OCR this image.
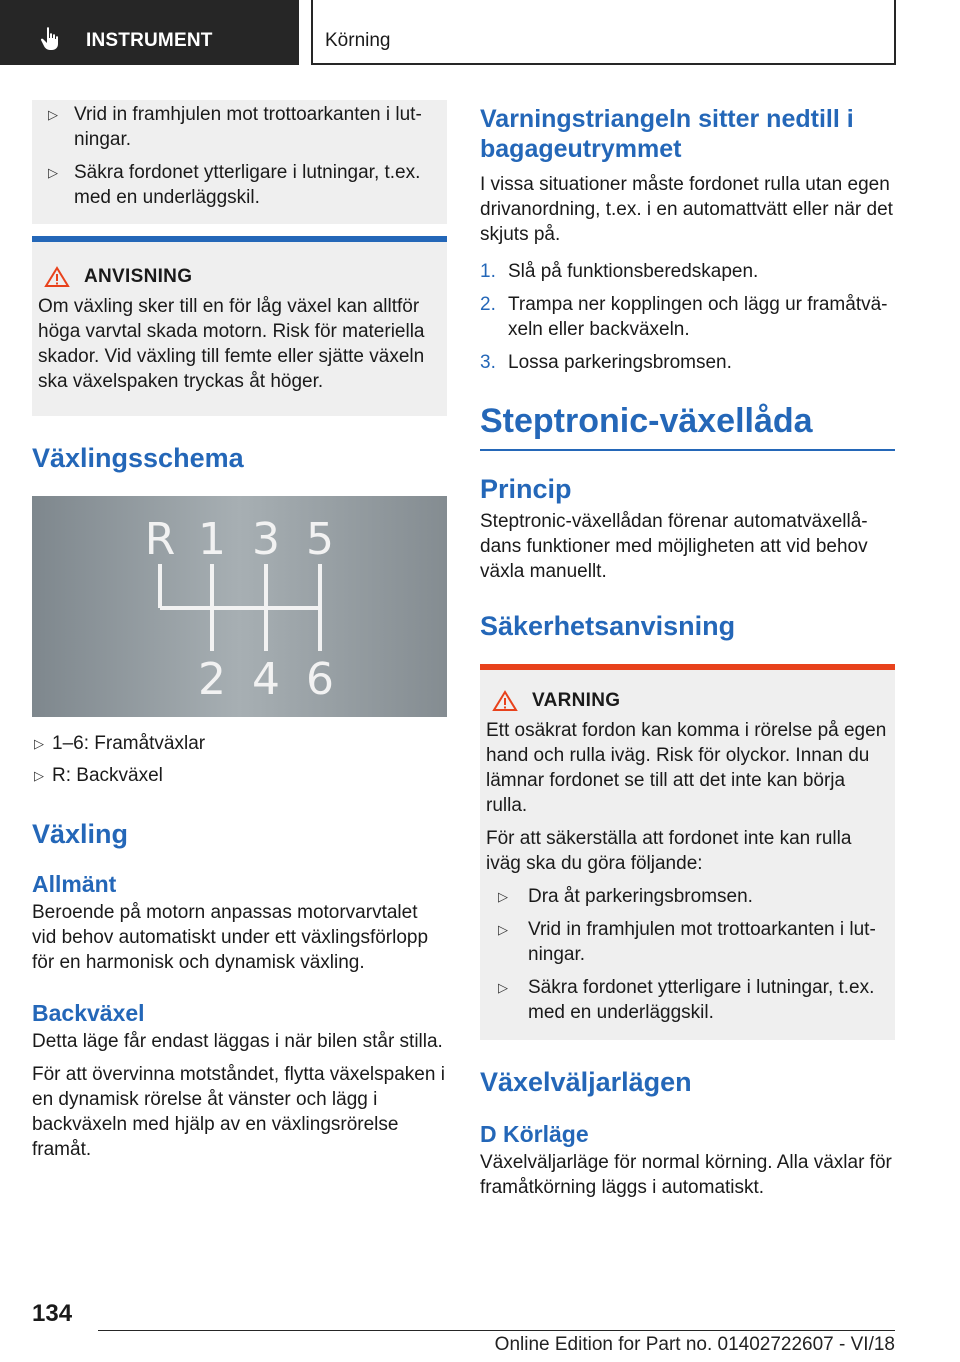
INSTRUMENT	Körning
▷ Vrid in framhjulen mot trottoarkanten i lutningar.
▷ Säkra fordonet ytterligare i lutningar, t.ex. med en underläggskil.
ANVISNING

Om växling sker till en för låg växel kan alltför höga varvtal skada motorn. Risk för materiella skador. Vid växling till femte eller sjätte växeln ska växelspaken tryckas åt höger.

Växlingsschema
R 1 3 5
2 4 6
▷ 1–6: Framåtväxlar
▷ R: Backväxel
Växling
Allmänt

Beroende på motorn anpassas motorvarvtalet vid behov automatiskt under ett växlingsförlopp för en harmonisk och dynamisk växling.

Backväxel

Detta läge får endast läggas i när bilen står stilla.

För att övervinna motståndet, flytta växelspaken i en dynamisk rörelse åt vänster och lägg i backväxeln med hjälp av en växlingsrörelse framåt.

Varningstriangeln sitter nedtill i bagageutrymmet

I vissa situationer måste fordonet rulla utan egen drivanordning, t.ex. i en automattvätt eller när det skjuts på.

1. Slå på funktionsberedskapen.
2. Trampa ner kopplingen och lägg ur framåtväxeln eller backväxeln.
3. Lossa parkeringsbromsen.
Steptronic-växellåda
Princip

Steptronic-växellådan förenar automatväxellådans funktioner med möjligheten att vid behov växla manuellt.

Säkerhetsanvisning
VARNING

Ett osäkrat fordon kan komma i rörelse på egen hand och rulla iväg. Risk för olyckor. Innan du lämnar fordonet se till att det inte kan börja rulla.

För att säkerställa att fordonet inte kan rulla iväg ska du göra följande:

▷ Dra åt parkeringsbromsen.
▷ Vrid in framhjulen mot trottoarkanten i lutningar.
▷ Säkra fordonet ytterligare i lutningar, t.ex. med en underläggskil.
Växelväljarlägen
D Körläge

Växelväljarläge för normal körning. Alla växlar för framåtkörning läggs i automatiskt.

134
Online Edition for Part no. 01402722607 - VI/18
